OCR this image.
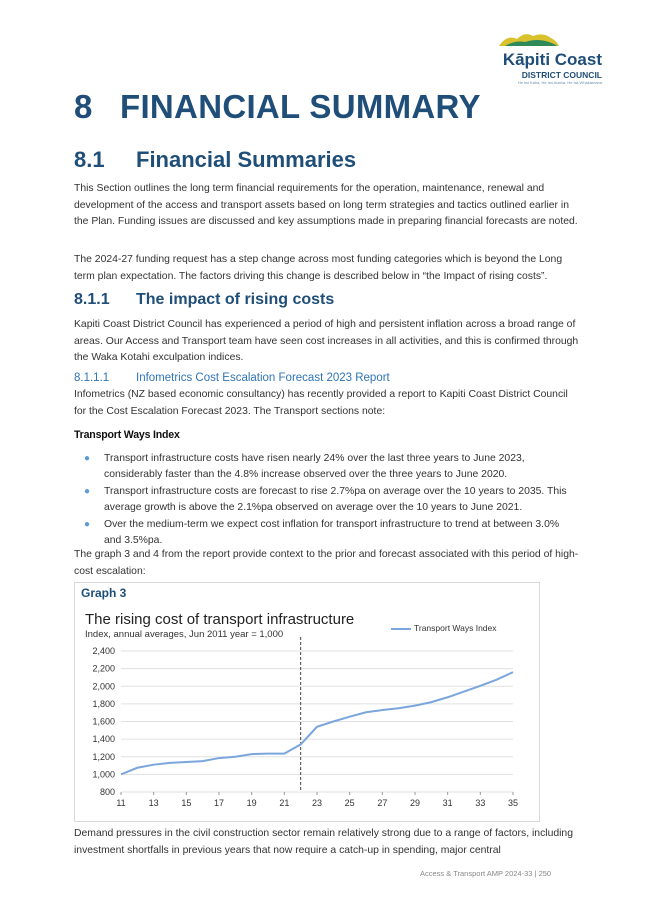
Kāpiti Coast
DISTRICT COUNCIL
He Iwi Kaha, He Iwi Auaha, He Iwi Whakamana
8 FINANCIAL SUMMARY
8.1 Financial Summaries
This Section outlines the long term financial requirements for the operation, maintenance, renewal and development of the access and transport assets based on long term strategies and tactics outlined earlier in the Plan. Funding issues are discussed and key assumptions made in preparing financial forecasts are noted.
The 2024-27 funding request has a step change across most funding categories which is beyond the Long term plan expectation. The factors driving this change is described below in “the Impact of rising costs”.
8.1.1 The impact of rising costs
Kapiti Coast District Council has experienced a period of high and persistent inflation across a broad range of areas. Our Access and Transport team have seen cost increases in all activities, and this is confirmed through the Waka Kotahi exculpation indices.
8.1.1.1 Infometrics Cost Escalation Forecast 2023 Report
Infometrics (NZ based economic consultancy) has recently provided a report to Kapiti Coast District Council for the Cost Escalation Forecast 2023. The Transport sections note:
Transport Ways Index
● Transport infrastructure costs have risen nearly 24% over the last three years to June 2023, considerably faster than the 4.8% increase observed over the three years to June 2020.
● Transport infrastructure costs are forecast to rise 2.7%pa on average over the 10 years to 2035. This average growth is above the 2.1%pa observed on average over the 10 years to June 2021.
● Over the medium-term we expect cost inflation for transport infrastructure to trend at between 3.0% and 3.5%pa.
The graph 3 and 4 from the report provide context to the prior and forecast associated with this period of high-cost escalation:
Graph 3
The rising cost of transport infrastructure
Index, annual averages, Jun 2011 year = 1,000
Transport Ways Index
800
1,000
1,200
1,400
1,600
1,800
2,000
2,200
2,400
11	13	15	17	19	21	23	25	27	29	31	33	35
Demand pressures in the civil construction sector remain relatively strong due to a range of factors, including investment shortfalls in previous years that now require a catch-up in spending, major central
Access & Transport AMP 2024-33 | 250
